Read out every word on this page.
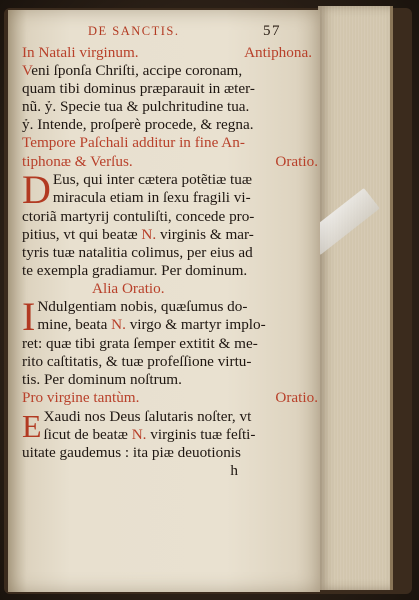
DE SANCTIS.	57
In Natali virginum.	Antiphona.
Veni ſponſa Chriſti, accipe coronam,
quam tibi dominus præparauit in æter-
nũ. ỷ. Specie tua & pulchritudine tua.
ỷ. Intende, proſperè procede, & regna.
Tempore Paſchali additur in fine An-
tiphonæ & Verſus.	Oratio.
D Eus, qui inter cætera potẽtiæ tuæ
miracula etiam in ſexu fragili vi-
ctoriã martyrij contuliſti, concede pro-
pitius, vt qui beatæ N. virginis & mar-
tyris tuæ natalitia colimus, per eius ad
te exempla gradiamur. Per dominum.
Alia Oratio.
I Ndulgentiam nobis, quæſumus do-
mine, beata N. virgo & martyr implo-
ret: quæ tibi grata ſemper extitit & me-
rito caſtitatis, & tuæ profeſſione virtu-
tis. Per dominum noſtrum.
Pro virgine tantùm.	Oratio.
E Xaudi nos Deus ſalutaris noſter, vt
ſicut de beatæ N. virginis tuæ feſti-
uitate gaudemus : ita piæ deuotionis
h
